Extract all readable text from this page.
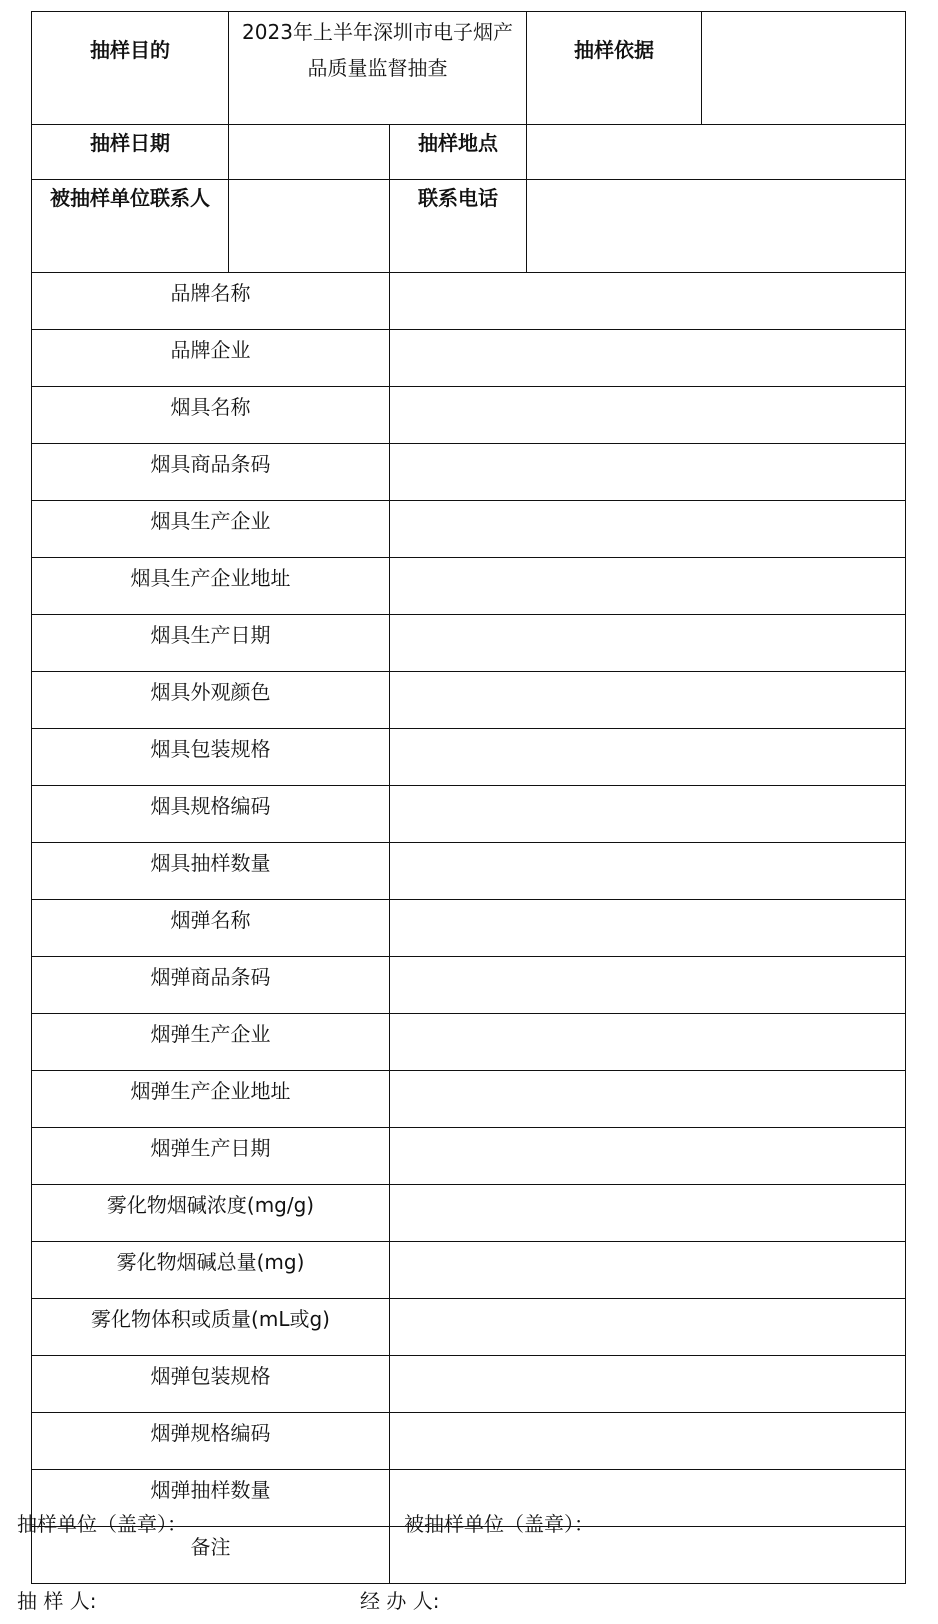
抽样目的	2023年上半年深圳市电子烟产品质量监督抽查		抽样依据	
抽样日期		抽样地点		

被抽样单位联系人		联系电话		
品牌名称				
品牌企业				
烟具名称				
烟具商品条码				
烟具生产企业				
烟具生产企业地址				
烟具生产日期				
烟具外观颜色				
烟具包装规格				
烟具规格编码				
烟具抽样数量				
烟弹名称				
烟弹商品条码				
烟弹生产企业				
烟弹生产企业地址				
烟弹生产日期				
雾化物烟碱浓度(mg/g)				
雾化物烟碱总量(mg)				
雾化物体积或质量(mL或g)				
烟弹包装规格				
烟弹规格编码				
烟弹抽样数量				
备注				
抽样单位（盖章）：	被抽样单位（盖章）：
抽 样 人:	经 办 人:
